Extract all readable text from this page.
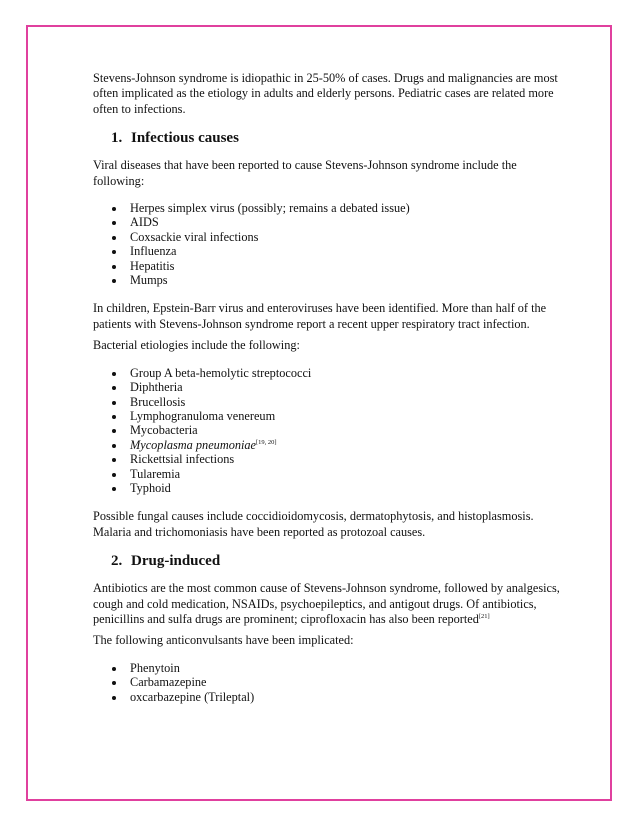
Stevens-Johnson syndrome is idiopathic in 25-50% of cases. Drugs and malignancies are most often implicated as the etiology in adults and elderly persons. Pediatric cases are related more often to infections.

1. Infectious causes

Viral diseases that have been reported to cause Stevens-Johnson syndrome include the following:

Herpes simplex virus (possibly; remains a debated issue)
AIDS
Coxsackie viral infections
Influenza
Hepatitis
Mumps

In children, Epstein-Barr virus and enteroviruses have been identified. More than half of the patients with Stevens-Johnson syndrome report a recent upper respiratory tract infection.

Bacterial etiologies include the following:

Group A beta-hemolytic streptococci
Diphtheria
Brucellosis
Lymphogranuloma venereum
Mycobacteria
Mycoplasma pneumoniae[19, 20]
Rickettsial infections
Tularemia
Typhoid

Possible fungal causes include coccidioidomycosis, dermatophytosis, and histoplasmosis. Malaria and trichomoniasis have been reported as protozoal causes.

2. Drug-induced

Antibiotics are the most common cause of Stevens-Johnson syndrome, followed by analgesics, cough and cold medication, NSAIDs, psychoepileptics, and antigout drugs. Of antibiotics, penicillins and sulfa drugs are prominent; ciprofloxacin has also been reported[21]

The following anticonvulsants have been implicated:

Phenytoin
Carbamazepine
oxcarbazepine (Trileptal)
